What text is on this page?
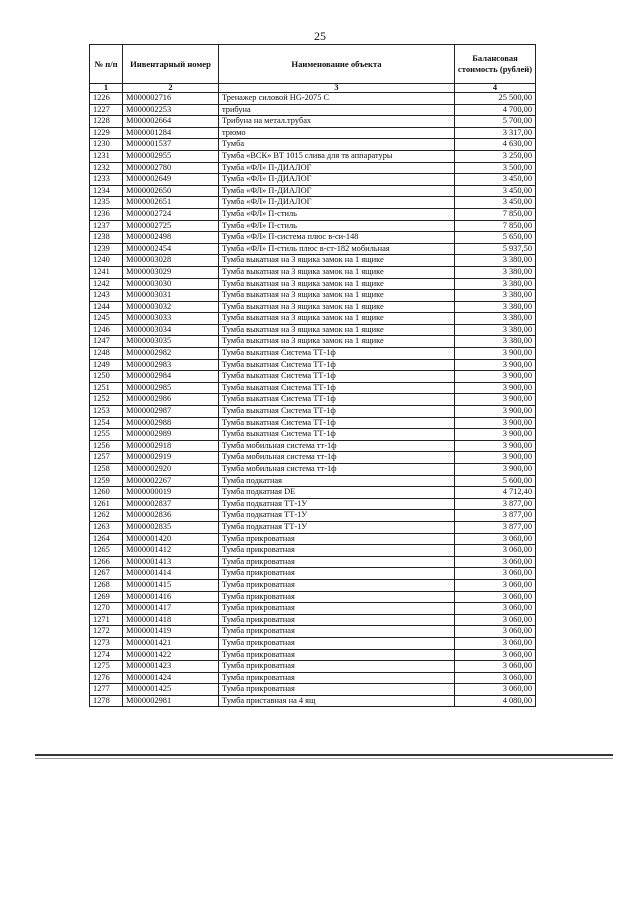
25
№ п/п	Инвентарный номер	Наименование объекта	Балансовая стоимость (рублей)
1	2	3	4
1226	М000002716	Тренажер силовой HG-2075 С	25 500,00
1227	М000002253	трибуна	4 700,00
1228	М000002664	Трибуна на метал.трубах	5 700,00
1229	М000001284	трюмо	3 317,00
1230	М000001537	Тумба	4 630,00
1231	М000002955	Тумба «ВСК» ВТ 1015 слива для тв аппаратуры	3 250,00
1232	М000002780	Тумба «ФЛ» П-ДИАЛОГ	3 500,00
1233	М000002649	Тумба «ФЛ» П-ДИАЛОГ	3 450,00
1234	М000002650	Тумба «ФЛ» П-ДИАЛОГ	3 450,00
1235	М000002651	Тумба «ФЛ» П-ДИАЛОГ	3 450,00
1236	М000002724	Тумба «ФЛ» П-стиль	7 850,00
1237	М000002725	Тумба «ФЛ» П-стиль	7 850,00
1238	М000002498	Тумба «ФЛ» П-система плюс в-си-148	5 650,00
1239	М000002454	Тумба «ФЛ» П-стиль плюс в-ст-182 мобильная	5 937,50
1240	М000003028	Тумба выкатная на 3 ящика замок на 1 ящике	3 380,00
1241	М000003029	Тумба выкатная на 3 ящика замок на 1 ящике	3 380,00
1242	М000003030	Тумба выкатная на 3 ящика замок на 1 ящике	3 380,00
1243	М000003031	Тумба выкатная на 3 ящика замок на 1 ящике	3 380,00
1244	М000003032	Тумба выкатная на 3 ящика замок на 1 ящике	3 380,00
1245	М000003033	Тумба выкатная на 3 ящика замок на 1 ящике	3 380,00
1246	М000003034	Тумба выкатная на 3 ящика замок на 1 ящике	3 380,00
1247	М000003035	Тумба выкатная на 3 ящика замок на 1 ящике	3 380,00
1248	М000002982	Тумба выкатная Система ТТ-1ф	3 900,00
1249	М000002983	Тумба выкатная Система ТТ-1ф	3 900,00
1250	М000002984	Тумба выкатная Система ТТ-1ф	3 900,00
1251	М000002985	Тумба выкатная Система ТТ-1ф	3 900,00
1252	М000002986	Тумба выкатная Система ТТ-1ф	3 900,00
1253	М000002987	Тумба выкатная Система ТТ-1ф	3 900,00
1254	М000002988	Тумба выкатная Система ТТ-1ф	3 900,00
1255	М000002989	Тумба выкатная Система ТТ-1ф	3 900,00
1256	М000002918	Тумба мобильная система тт-1ф	3 900,00
1257	М000002919	Тумба мобильная система тт-1ф	3 900,00
1258	М000002920	Тумба мобильная система тт-1ф	3 900,00
1259	М000002267	Тумба подкатная	5 600,00
1260	М000000019	Тумба подкатная DE	4 712,40
1261	М000002837	Тумба подкатная ТТ-1У	3 877,00
1262	М000002836	Тумба подкатная ТТ-1У	3 877,00
1263	М000002835	Тумба подкатная ТТ-1У	3 877,00
1264	М000001420	Тумба прикроватная	3 060,00
1265	М000001412	Тумба прикроватная	3 060,00
1266	М000001413	Тумба прикроватная	3 060,00
1267	М000001414	Тумба прикроватная	3 060,00
1268	М000001415	Тумба прикроватная	3 060,00
1269	М000001416	Тумба прикроватная	3 060,00
1270	М000001417	Тумба прикроватная	3 060,00
1271	М000001418	Тумба прикроватная	3 060,00
1272	М000001419	Тумба прикроватная	3 060,00
1273	М000001421	Тумба прикроватная	3 060,00
1274	М000001422	Тумба прикроватная	3 060,00
1275	М000001423	Тумба прикроватная	3 060,00
1276	М000001424	Тумба прикроватная	3 060,00
1277	М000001425	Тумба прикроватная	3 060,00
1278	М000002981	Тумба приставная на 4 ящ	4 080,00
